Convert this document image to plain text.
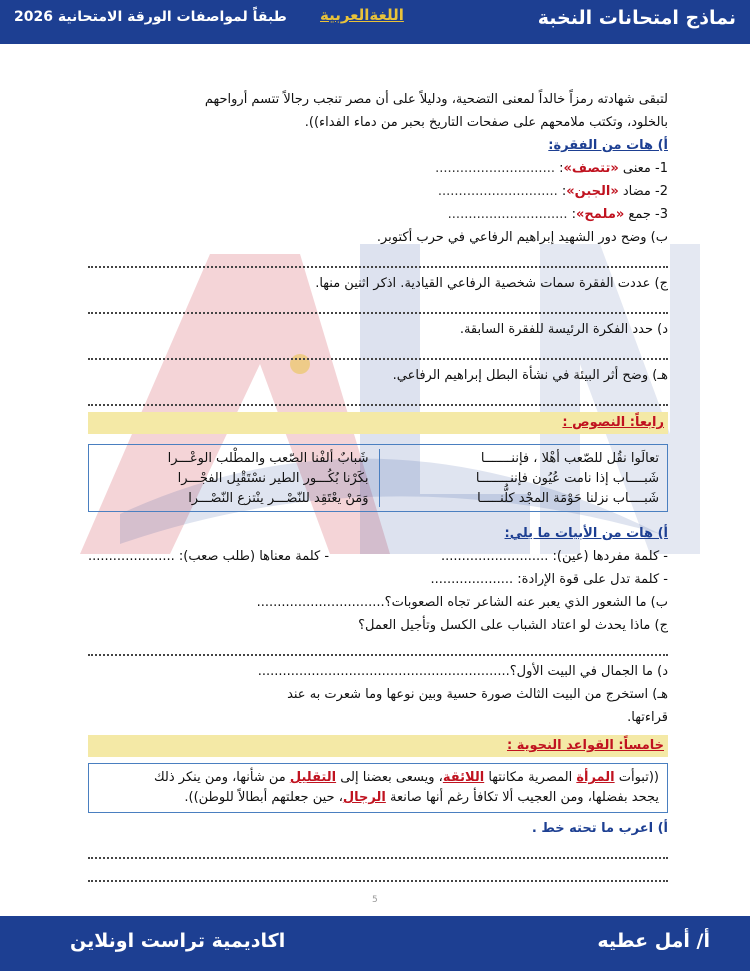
نماذج امتحانات النخبة
اللغةالعربية
طبقاً لمواصفات الورقة الامتحانية 2026

لتبقى شهادته رمزاً خالداً لمعنى التضحية، ودليلاً على أن مصر تنجب رجالاً تتسم أرواحهم

بالخلود، وتكتب ملامحهم على صفحات التاريخ بحبر من دماء الفداء)).

أ) هات من الفقرة:

1- معنى «تتصف»: .............................

2- مضاد «الجبن»: .............................

3- جمع «ملمح»: .............................

ب) وضح دور الشهيد إبراهيم الرفاعي في حرب أكتوبر.

ج) عددت الفقرة سمات شخصية الرفاعي القيادية. اذكر اثنين منها.

د) حدد الفكرة الرئيسة للفقرة السابقة.

هـ) وضح أثر البيئة في نشأة البطل إبراهيم الرفاعي.

رابعاً: النصوص :
تعالَوا نقُل للصّعب أهْلا ، فإننـــــــا
شَبــــاب إذا نامت عُيُون فإننــــــــا
شَبــــاب نزلنا حَوْمَة المجْد كلُّنـــــا
شَبابٌ ألفْنا الصّعب والمطْلب الوعْـــرا
بكَرْنا بُكُـــور الطير نسْتَقْبِل الفجْـــرا
وَمَنْ يعْتَقِد للنّصْـــر ينْتزع النّصْـــرا

أ) هات من الأبيات ما يلي:

- كلمة مفردها (عين): ..........................
- كلمة معناها (طلب صعب): .....................

- كلمة تدل على قوة الإرادة: ....................

ب) ما الشعور الذي يعبر عنه الشاعر تجاه الصعوبات؟...............................

ج) ماذا يحدث لو اعتاد الشباب على الكسل وتأجيل العمل؟

د) ما الجمال في البيت الأول؟.............................................................

هـ) استخرج من البيت الثالث صورة حسية وبين نوعها وما شعرت به عند

قراءتها.

خامساً: القواعد النحوية :

((تبوأت المرأة المصرية مكانتها اللائقة، ويسعى بعضنا إلى التقليل من شأنها، ومن ينكر ذلك

يجحد بفضلها، ومن العجيب ألا تكافأ رغم أنها صانعة الرجال، حين جعلتهم أبطالاً للوطن)).

أ) اعرب ما تحته خط .

5
أ/ أمل عطيه
اكاديمية تراست اونلاين
